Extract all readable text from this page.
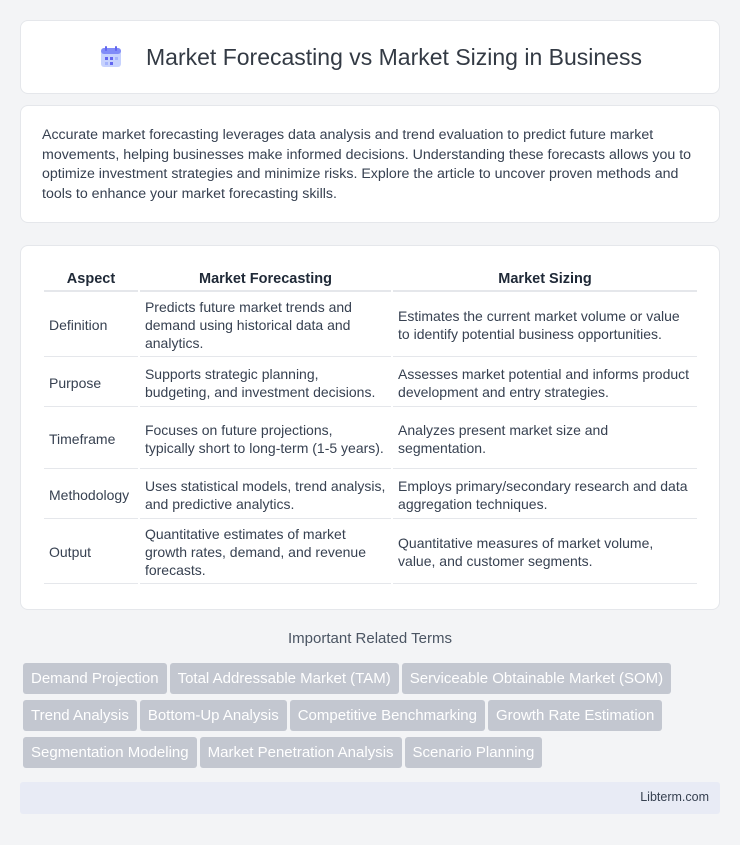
Market Forecasting vs Market Sizing in Business

Accurate market forecasting leverages data analysis and trend evaluation to predict future market movements, helping businesses make informed decisions. Understanding these forecasts allows you to optimize investment strategies and minimize risks. Explore the article to uncover proven methods and tools to enhance your market forecasting skills.

Aspect	Market Forecasting	Market Sizing
Definition	Predicts future market trends and demand using historical data and analytics.	Estimates the current market volume or value to identify potential business opportunities.
Purpose	Supports strategic planning, budgeting, and investment decisions.	Assesses market potential and informs product development and entry strategies.
Timeframe	Focuses on future projections, typically short to long-term (1-5 years).	Analyzes present market size and segmentation.
Methodology	Uses statistical models, trend analysis, and predictive analytics.	Employs primary/secondary research and data aggregation techniques.
Output	Quantitative estimates of market growth rates, demand, and revenue forecasts.	Quantitative measures of market volume, value, and customer segments.
Important Related Terms
Demand Projection Total Addressable Market (TAM) Serviceable Obtainable Market (SOM)
Trend Analysis Bottom-Up Analysis Competitive Benchmarking Growth Rate Estimation
Segmentation Modeling Market Penetration Analysis Scenario Planning
Libterm.com
